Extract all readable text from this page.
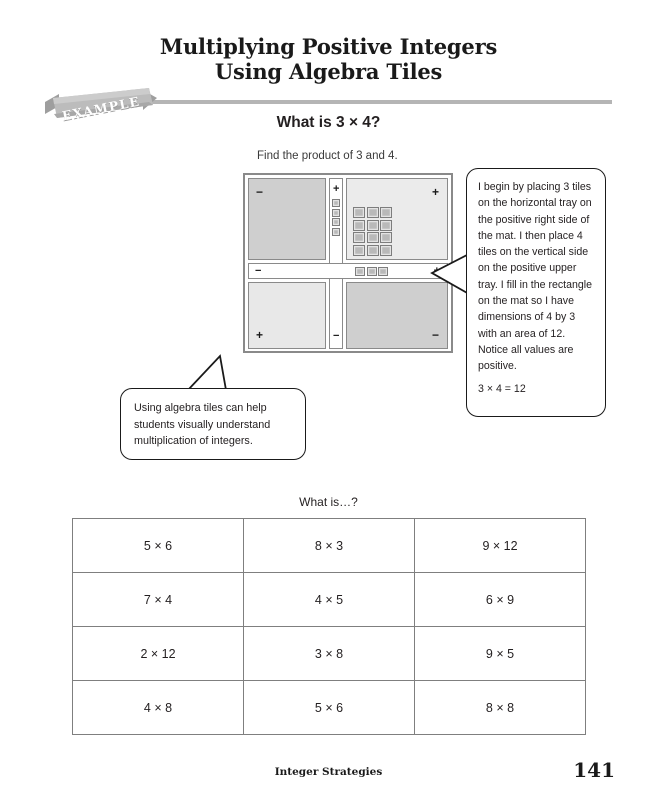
Multiplying Positive Integers
Using Algebra Tiles
EXAMPLE	What is 3 × 4?
Find the product of 3 and 4.
−	+
+	−
+
−
−

I begin by placing 3 tiles on the horizontal tray on the positive right side of the mat. I then place 4 tiles on the vertical side on the positive upper tray. I fill in the rectangle on the mat so I have dimensions of 4 by 3 with an area of 12. Notice all values are positive.

3 × 4 = 12

Using algebra tiles can help students visually understand multiplication of integers.

What is…?
5 × 6	8 × 3	9 × 12
7 × 4	4 × 5	6 × 9
2 × 12	3 × 8	9 × 5
4 × 8	5 × 6	8 × 8
Integer Strategies	141
